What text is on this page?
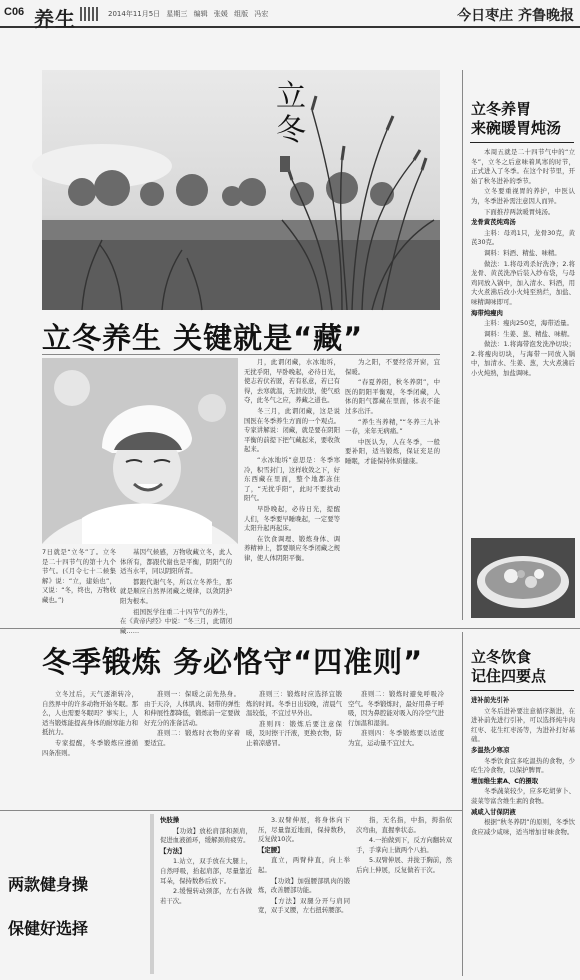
C06 养生	2014年11月5日 星期三 编辑 张媛 组版 冯宏	今日枣庄 齐鲁晚报
立冬
立冬养生 关键就是“藏”
7日就是“立冬”了。立冬是二十四节气的第十九个节气。(《月令七十二候集解》说：“立，建始也”，又说：“冬，终也，万物收藏也。”)

基因气候感，万物收藏立冬，此人体所有，都跟代谢也是平衡，阴阳气的适当水平，同以阴阳所者。

都跟代谢气冬，所以立冬养生，那就是顺应自然界闭藏之规律，以敛阴护阳为根本。

祖国医学往重二十四节气的养生，在《黄帝内经》中说：“冬三月，此谓闭藏……

月，此谓闭藏，水冰地坼，无扰乎阳，早卧晚起，必待日光，使志若伏若匿，若有私意，若已有得，去寒就温，无泄皮肤，使气亟夺，此冬气之应，养藏之道也。

冬三月，此谓闭藏，这是说国医在冬季养生方面的一个观点。专家讲解说：闭藏，就是要在阴阳平衡的前提下把气藏起来，要收敛起来。

“水冰地坼”意思是：冬季寒冷，积雪封门，这样收敛之下，好东西藏在里面，整个地都冻住了，“无扰乎阳”，此时不要扰动阳气。

早卧晚起，必待日光，提醒人们，冬季要早睡晚起，一定要等太阳升起再起床。

在饮食调理、锻炼身体、调养精神上，都要顺应冬季闭藏之规律，使人体阴阳平衡。

为之阳，不要经常开窗，宜保暖。

“春夏养阳，秋冬养阴”，中医的阴阳平衡观，冬季闭藏，人体的阳气都藏在里面，体表不能过多出汗。

“养生当养精，”“冬养三九补一春，来年无病痛。”

中医认为，人在冬季，一般要补阳，适当锻炼，保证充足的睡眠，才能保持体质健康。

立冬养胃
来碗暖胃炖汤

本周五就是二十四节气中的“立冬”，立冬之后意味着风寒的时节，正式进入了冬季。在这个时节里，开始了秋冬进补的季节。

立冬要重视胃的养护，中医认为，冬季进补需注意因人而异。

下面推荐两款暖胃炖汤。

龙骨黄芪炖鸡汤

主料：母鸡1只，龙骨30克，黄芪30克。

调料：料酒、精盐、味精。

做法：1.将母鸡杀好洗净；2.将龙骨、黄芪洗净后装入纱布袋，与母鸡同放入锅中，加入清水、料酒，用大火煮沸后改小火炖至熟烂，加盐、味精调味即可。

海带炖瘦肉

主料：瘦肉250克，海带适量。

调料：生姜、葱、精盐、味精。

做法：1.将海带泡发洗净切块；2.将瘦肉切块，与海带一同放入锅中，加清水、生姜、葱，大火煮沸后小火炖熟，加盐调味。

冬季锻炼 务必恪守“四准则”

立冬过后，天气逐渐转冷，自然界中的许多动物开始冬眠。那么，人也需要冬眠吗？事实上，人适当锻炼能提高身体的耐寒能力和抵抗力。

专家提醒，冬季锻炼应遵循四条准则。

准则一：保暖之前先热身。由于天冷，人体肌肉、韧带的弹性和伸展性都降低，锻炼前一定要做好充分的准备活动。

准则二：锻炼时衣物的穿着要适宜。

准则三：锻炼时应选择宜锻炼的时间。冬季日出较晚，清晨气温较低，不宜过早外出。

准则四：锻炼后要注意保暖，及时擦干汗液，更换衣物，防止着凉感冒。

准则二：锻炼时避免呼吸冷空气。冬季锻炼时，最好用鼻子呼吸，因为鼻腔能对吸入的冷空气进行加温和湿润。

准则四：冬季锻炼要以适度为宜，运动量不宜过大。

两款健身操
保健好选择

快肢操

【功效】放松肩部和颈肩，促进血液循环，缓解颈肩疲劳。

【方法】

1.站立，双手放在大腿上，自然呼吸，抬起肩部，尽量靠近耳朵，保持数秒后放下。

2.缓慢转动颈部，左右各做若干次。

3.双臂伸展，将身体向下压，尽量靠近地面，保持数秒，反复做10次。

【定腰】

直立，两臂伸直，向上举起。

【功效】加强腰部肌肉的锻炼，改善腰部功能。

【方法】双腿分开与肩同宽，双手叉腰，左右扭转腰部。

指，无名指，中指，拇指依次弯曲，直握拳状态。

4.一拍做到下，反方向翻转双手，手掌向上做两个八拍。

5.双臂伸展、并拢于胸前，然后向上伸展，反复做若干次。

立冬饮食
记住四要点

进补前先引补

立冬后进补要注意循序渐进，在进补前先进行引补，可以选择炖牛肉红枣、花生红枣汤等，为进补打好基础。

多温热少寒凉

冬季饮食宜多吃温热的食物，少吃生冷食物，以保护脾胃。

增加维生素A、C的摄取

冬季蔬菜较少，应多吃胡萝卜、菠菜等富含维生素的食物。

减咸入甘保阴液

根据“秋冬养阴”的原则，冬季饮食应减少咸味，适当增加甘味食物。
